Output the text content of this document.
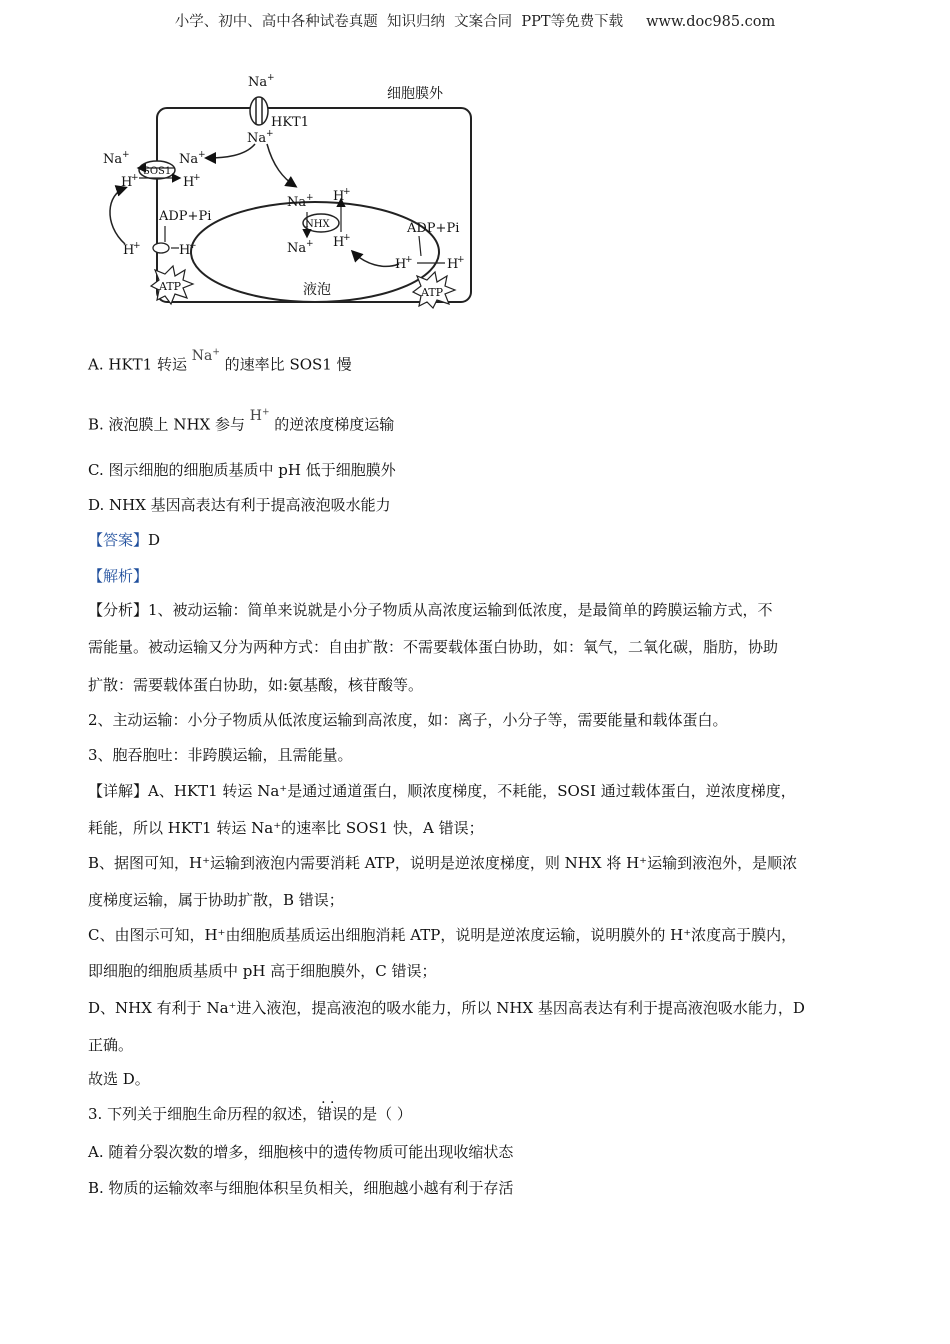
小学、初中、高中各种试卷真题  知识归纳  文案合同  PPT等免费下载     www.doc985.com
细胞膜外
Na +
HKT1
Na +
Na +	Na +
SOS1
H
+	H
+
ADP+Pi
H
+	H
+
ATP	液泡
Na +
NHX
H
+
Na + H
+
ADP+Pi
H
+	H
+
ATP
A. HKT1 转运 Na+ 的速率比 SOS1 慢
B. 液泡膜上 NHX 参与 H+ 的逆浓度梯度运输
C. 图示细胞的细胞质基质中 pH 低于细胞膜外
D. NHX 基因高表达有利于提高液泡吸水能力
【答案】D
【解析】
【分析】1、被动运输：简单来说就是小分子物质从高浓度运输到低浓度，是最简单的跨膜运输方式，不
需能量。被动运输又分为两种方式：自由扩散：不需要载体蛋白协助，如：氧气，二氧化碳，脂肪，协助
扩散：需要载体蛋白协助，如:氨基酸，核苷酸等。
2、主动运输：小分子物质从低浓度运输到高浓度，如：离子，小分子等，需要能量和载体蛋白。
3、胞吞胞吐：非跨膜运输，且需能量。
【详解】A、HKT1 转运 Na⁺是通过通道蛋白，顺浓度梯度，不耗能，SOSI 通过载体蛋白，逆浓度梯度，
耗能，所以 HKT1 转运 Na⁺的速率比 SOS1 快，A 错误；
B、据图可知，H⁺运输到液泡内需要消耗 ATP，说明是逆浓度梯度，则 NHX 将 H⁺运输到液泡外，是顺浓
度梯度运输，属于协助扩散，B 错误；
C、由图示可知，H⁺由细胞质基质运出细胞消耗 ATP，说明是逆浓度运输，说明膜外的 H⁺浓度高于膜内，
即细胞的细胞质基质中 pH 高于细胞膜外，C 错误；
D、NHX 有利于 Na⁺进入液泡，提高液泡的吸水能力，所以 NHX 基因高表达有利于提高液泡吸水能力，D
正确。
故选 D。
3. 下列关于细胞生命历程的叙述，· · 错误的是（ ）
A. 随着分裂次数的增多，细胞核中的遗传物质可能出现收缩状态
B. 物质的运输效率与细胞体积呈负相关，细胞越小越有利于存活
